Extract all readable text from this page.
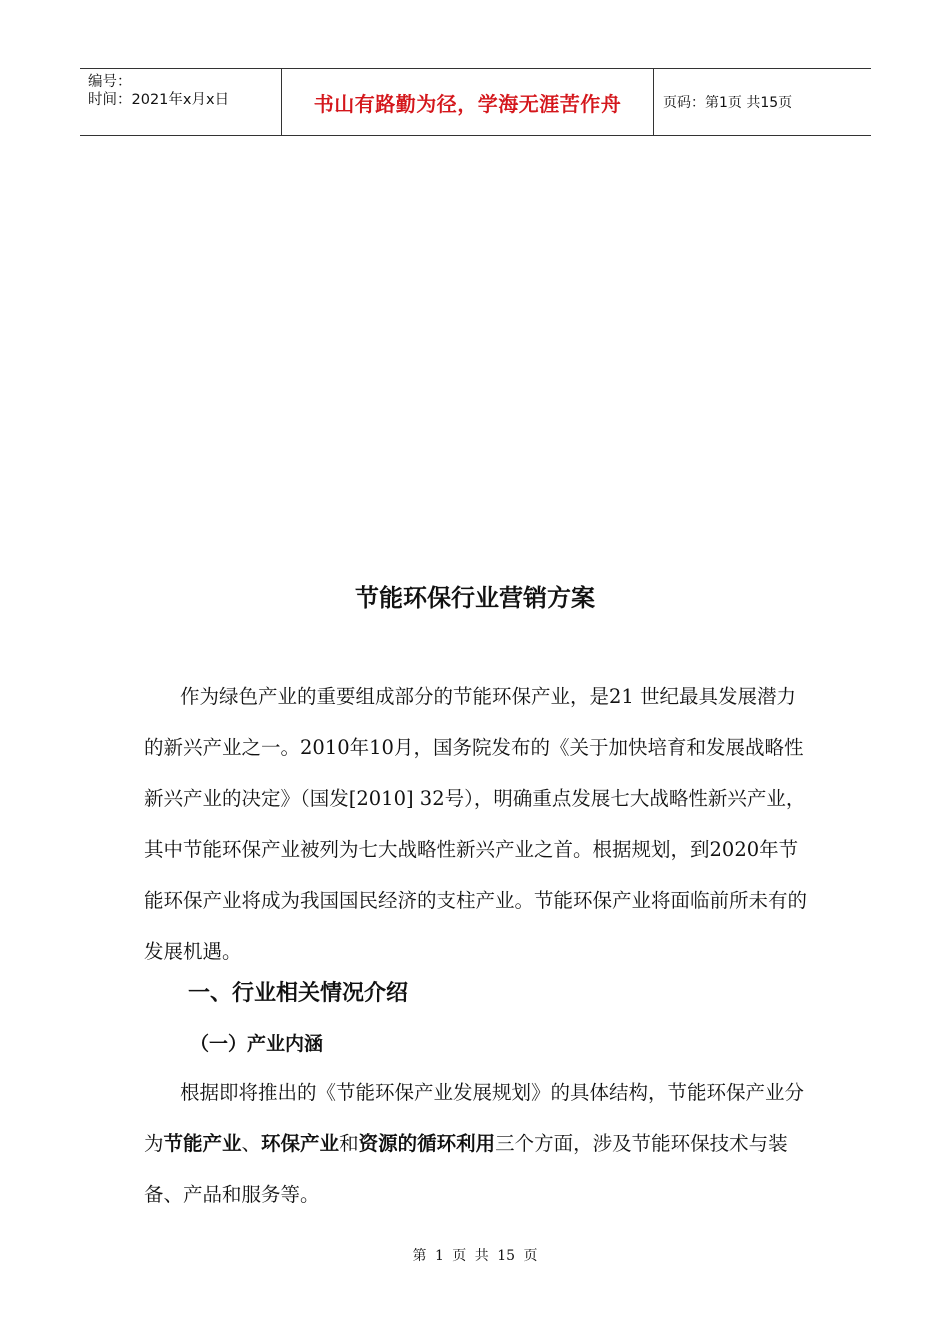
编号：
时间：2021年x月x日	书山有路勤为径，学海无涯苦作舟	页码：第1页 共15页
节能环保行业营销方案
作为绿色产业的重要组成部分的节能环保产业，是21 世纪最具发展潜力的新兴产业之一。2010年10月，国务院发布的《关于加快培育和发展战略性新兴产业的决定》（国发[2010] 32号），明确重点发展七大战略性新兴产业，其中节能环保产业被列为七大战略性新兴产业之首。根据规划，到2020年节能环保产业将成为我国国民经济的支柱产业。节能环保产业将面临前所未有的发展机遇。
一、行业相关情况介绍
（一）产业内涵
根据即将推出的《节能环保产业发展规划》的具体结构，节能环保产业分为节能产业、环保产业和资源的循环利用三个方面，涉及节能环保技术与装备、产品和服务等。
第 1 页 共 15 页
